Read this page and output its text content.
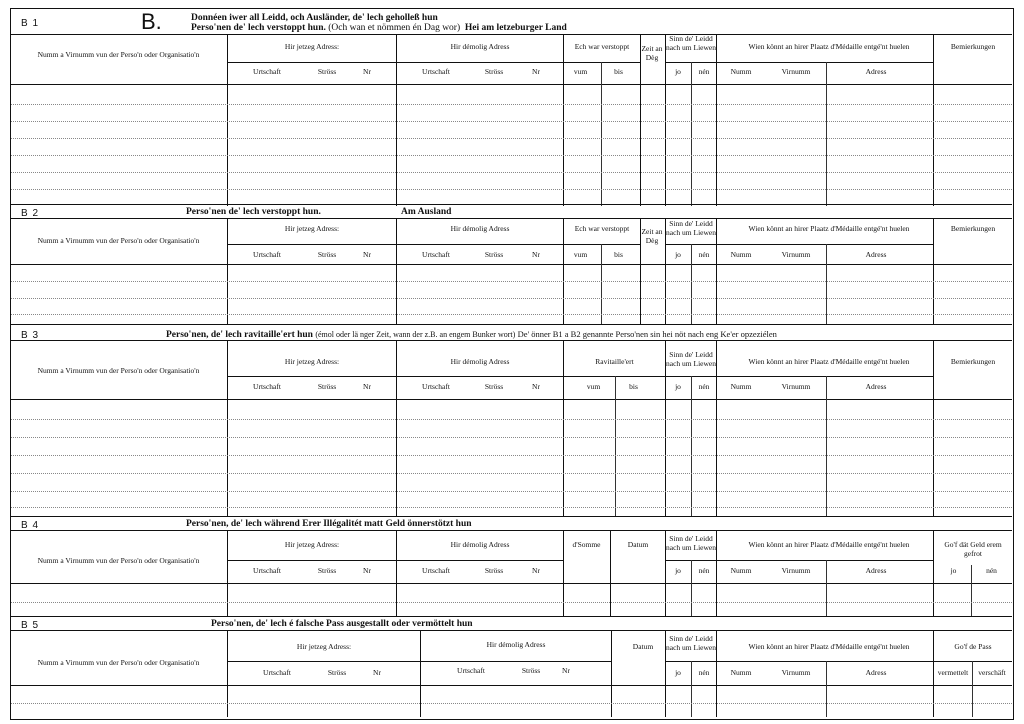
B 1	B.	Donnéen iwer all Leidd, och Ausländer, de' lech geholleß hun
Perso'nen de' lech verstoppt hun. (Och wan et nömmen én Dag wor) Hei am letzeburger Land
Numm a Virnumm vun der Perso'n oder Organisatio'n
Hir jetzeg Adress:
Urtschaft	Ströss	Nr
Hir démolig Adress
Urtschaft	Ströss	Nr
Ech war verstoppt
vum	bis
Zeit an Dèg
Sinn de' Leidd nach um Liewen
jo	nén
Wien könnt an hirer Plaatz d'Médaille entgé'nt huelen
Numm	Virnumm	Adress
Bemierkungen
B 2	Perso'nen de' lech verstoppt hun.	Am Ausland
Numm a Virnumm vun der Perso'n oder Organisatio'n
Hir jetzeg Adress:
Urtschaft	Ströss	Nr
Hir démolig Adress
Urtschaft	Ströss	Nr
Ech war verstoppt
vum	bis
Zeit an Dèg
Sinn de' Leidd nach um Liewen
jo	nén
Wien könnt an hirer Plaatz d'Médaille entgé'nt huelen
Numm	Virnumm	Adress
Bemierkungen
B 3	Perso'nen, de' lech ravitaille'ert hun (émol oder lä nger Zeit, wann der z.B. an engem Bunker wort) De' önner B1 a B2 genannte Perso'nen sin hei nöt nach eng Ke'er opzeziélen
Numm a Virnumm vun der Perso'n oder Organisatio'n
Hir jetzeg Adress:
Urtschaft	Ströss	Nr
Hir démolig Adress
Urtschaft	Ströss	Nr
Ravitaille'ert
vum	bis
Sinn de' Leidd nach um Liewen
jo	nén
Wien könnt an hirer Plaatz d'Médaille entgé'nt huelen
Numm	Virnumm	Adress
Bemierkungen
B 4	Perso'nen, de' lech während Erer Illégalitét matt Geld önnerstötzt hun
Numm a Virnumm vun der Perso'n oder Organisatio'n
Hir jetzeg Adress:
Urtschaft	Ströss	Nr
Hir démolig Adress
Urtschaft	Ströss	Nr
d'Somme	Datum
Sinn de' Leidd nach um Liewen
jo	nén
Wien könnt an hirer Plaatz d'Médaille entgé'nt huelen
Numm	Virnumm	Adress
Go'f dät Geld erem gefrot
jo	nén
B 5	Perso'nen, de' lech é falsche Pass ausgestallt oder vermöttelt hun
Numm a Virnumm vun der Perso'n oder Organisatio'n
Hir jetzeg Adress:
Urtschaft	Ströss	Nr
Hir démolig Adress
Urtschaft	Ströss	Nr
Datum
Sinn de' Leidd nach um Liewen
jo	nén
Wien könnt an hirer Plaatz d'Médaille entgé'nt huelen
Numm	Virnumm	Adress
Go'f de Pass
vermettelt	verschäft
